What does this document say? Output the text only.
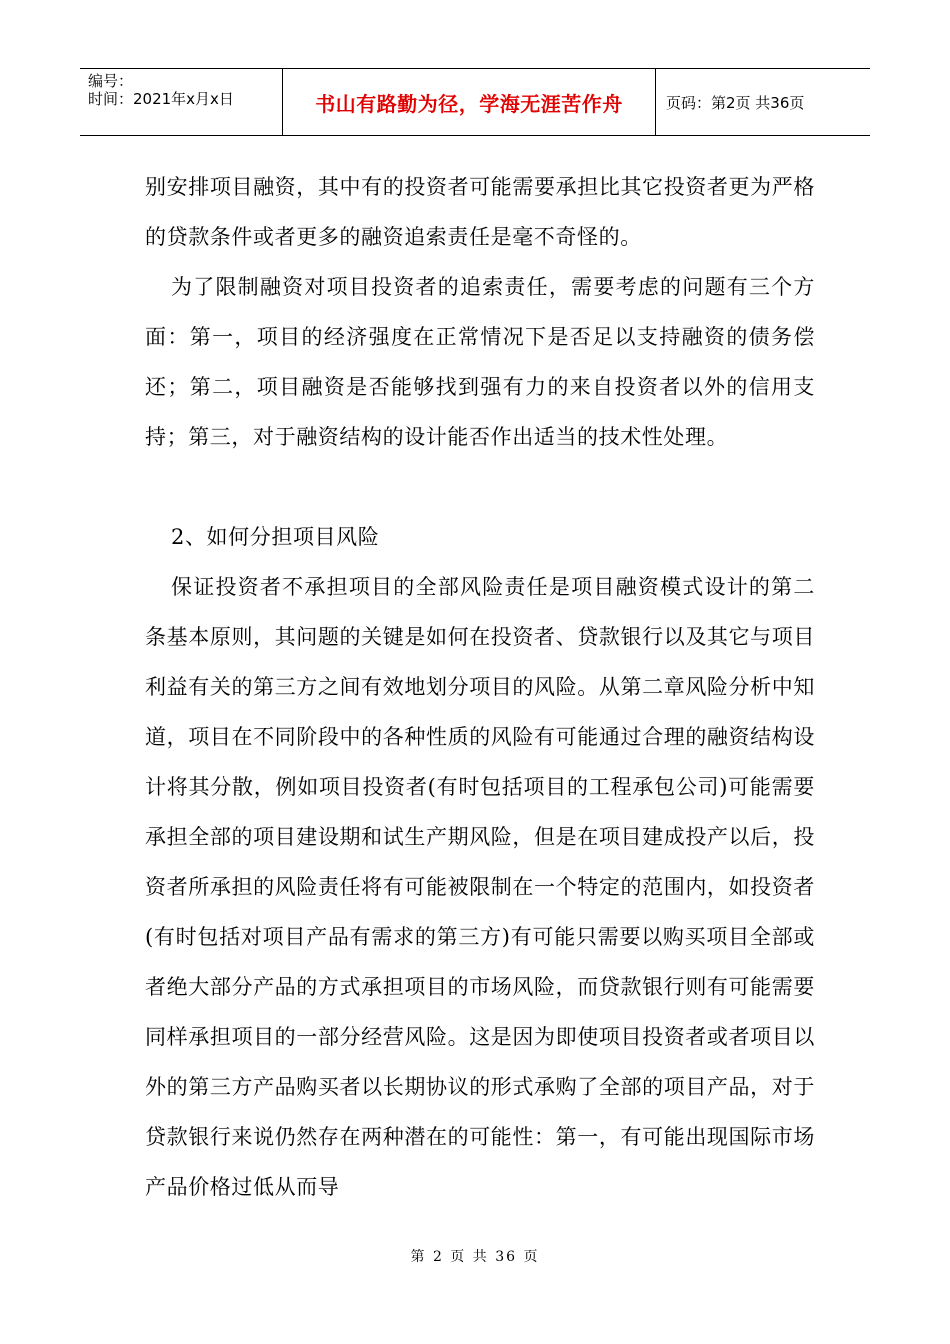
编号：
时间：2021年x月x日	书山有路勤为径，学海无涯苦作舟	页码：第2页 共36页

别安排项目融资，其中有的投资者可能需要承担比其它投资者更为严格的贷款条件或者更多的融资追索责任是毫不奇怪的。

为了限制融资对项目投资者的追索责任，需要考虑的问题有三个方面：第一，项目的经济强度在正常情况下是否足以支持融资的债务偿还；第二，项目融资是否能够找到强有力的来自投资者以外的信用支持；第三，对于融资结构的设计能否作出适当的技术性处理。

2、如何分担项目风险

保证投资者不承担项目的全部风险责任是项目融资模式设计的第二条基本原则，其问题的关键是如何在投资者、贷款银行以及其它与项目利益有关的第三方之间有效地划分项目的风险。从第二章风险分析中知道，项目在不同阶段中的各种性质的风险有可能通过合理的融资结构设计将其分散，例如项目投资者(有时包括项目的工程承包公司)可能需要承担全部的项目建设期和试生产期风险，但是在项目建成投产以后，投资者所承担的风险责任将有可能被限制在一个特定的范围内，如投资者(有时包括对项目产品有需求的第三方)有可能只需要以购买项目全部或者绝大部分产品的方式承担项目的市场风险，而贷款银行则有可能需要同样承担项目的一部分经营风险。这是因为即使项目投资者或者项目以外的第三方产品购买者以长期协议的形式承购了全部的项目产品，对于贷款银行来说仍然存在两种潜在的可能性：第一，有可能出现国际市场产品价格过低从而导

第 2 页 共 36 页
